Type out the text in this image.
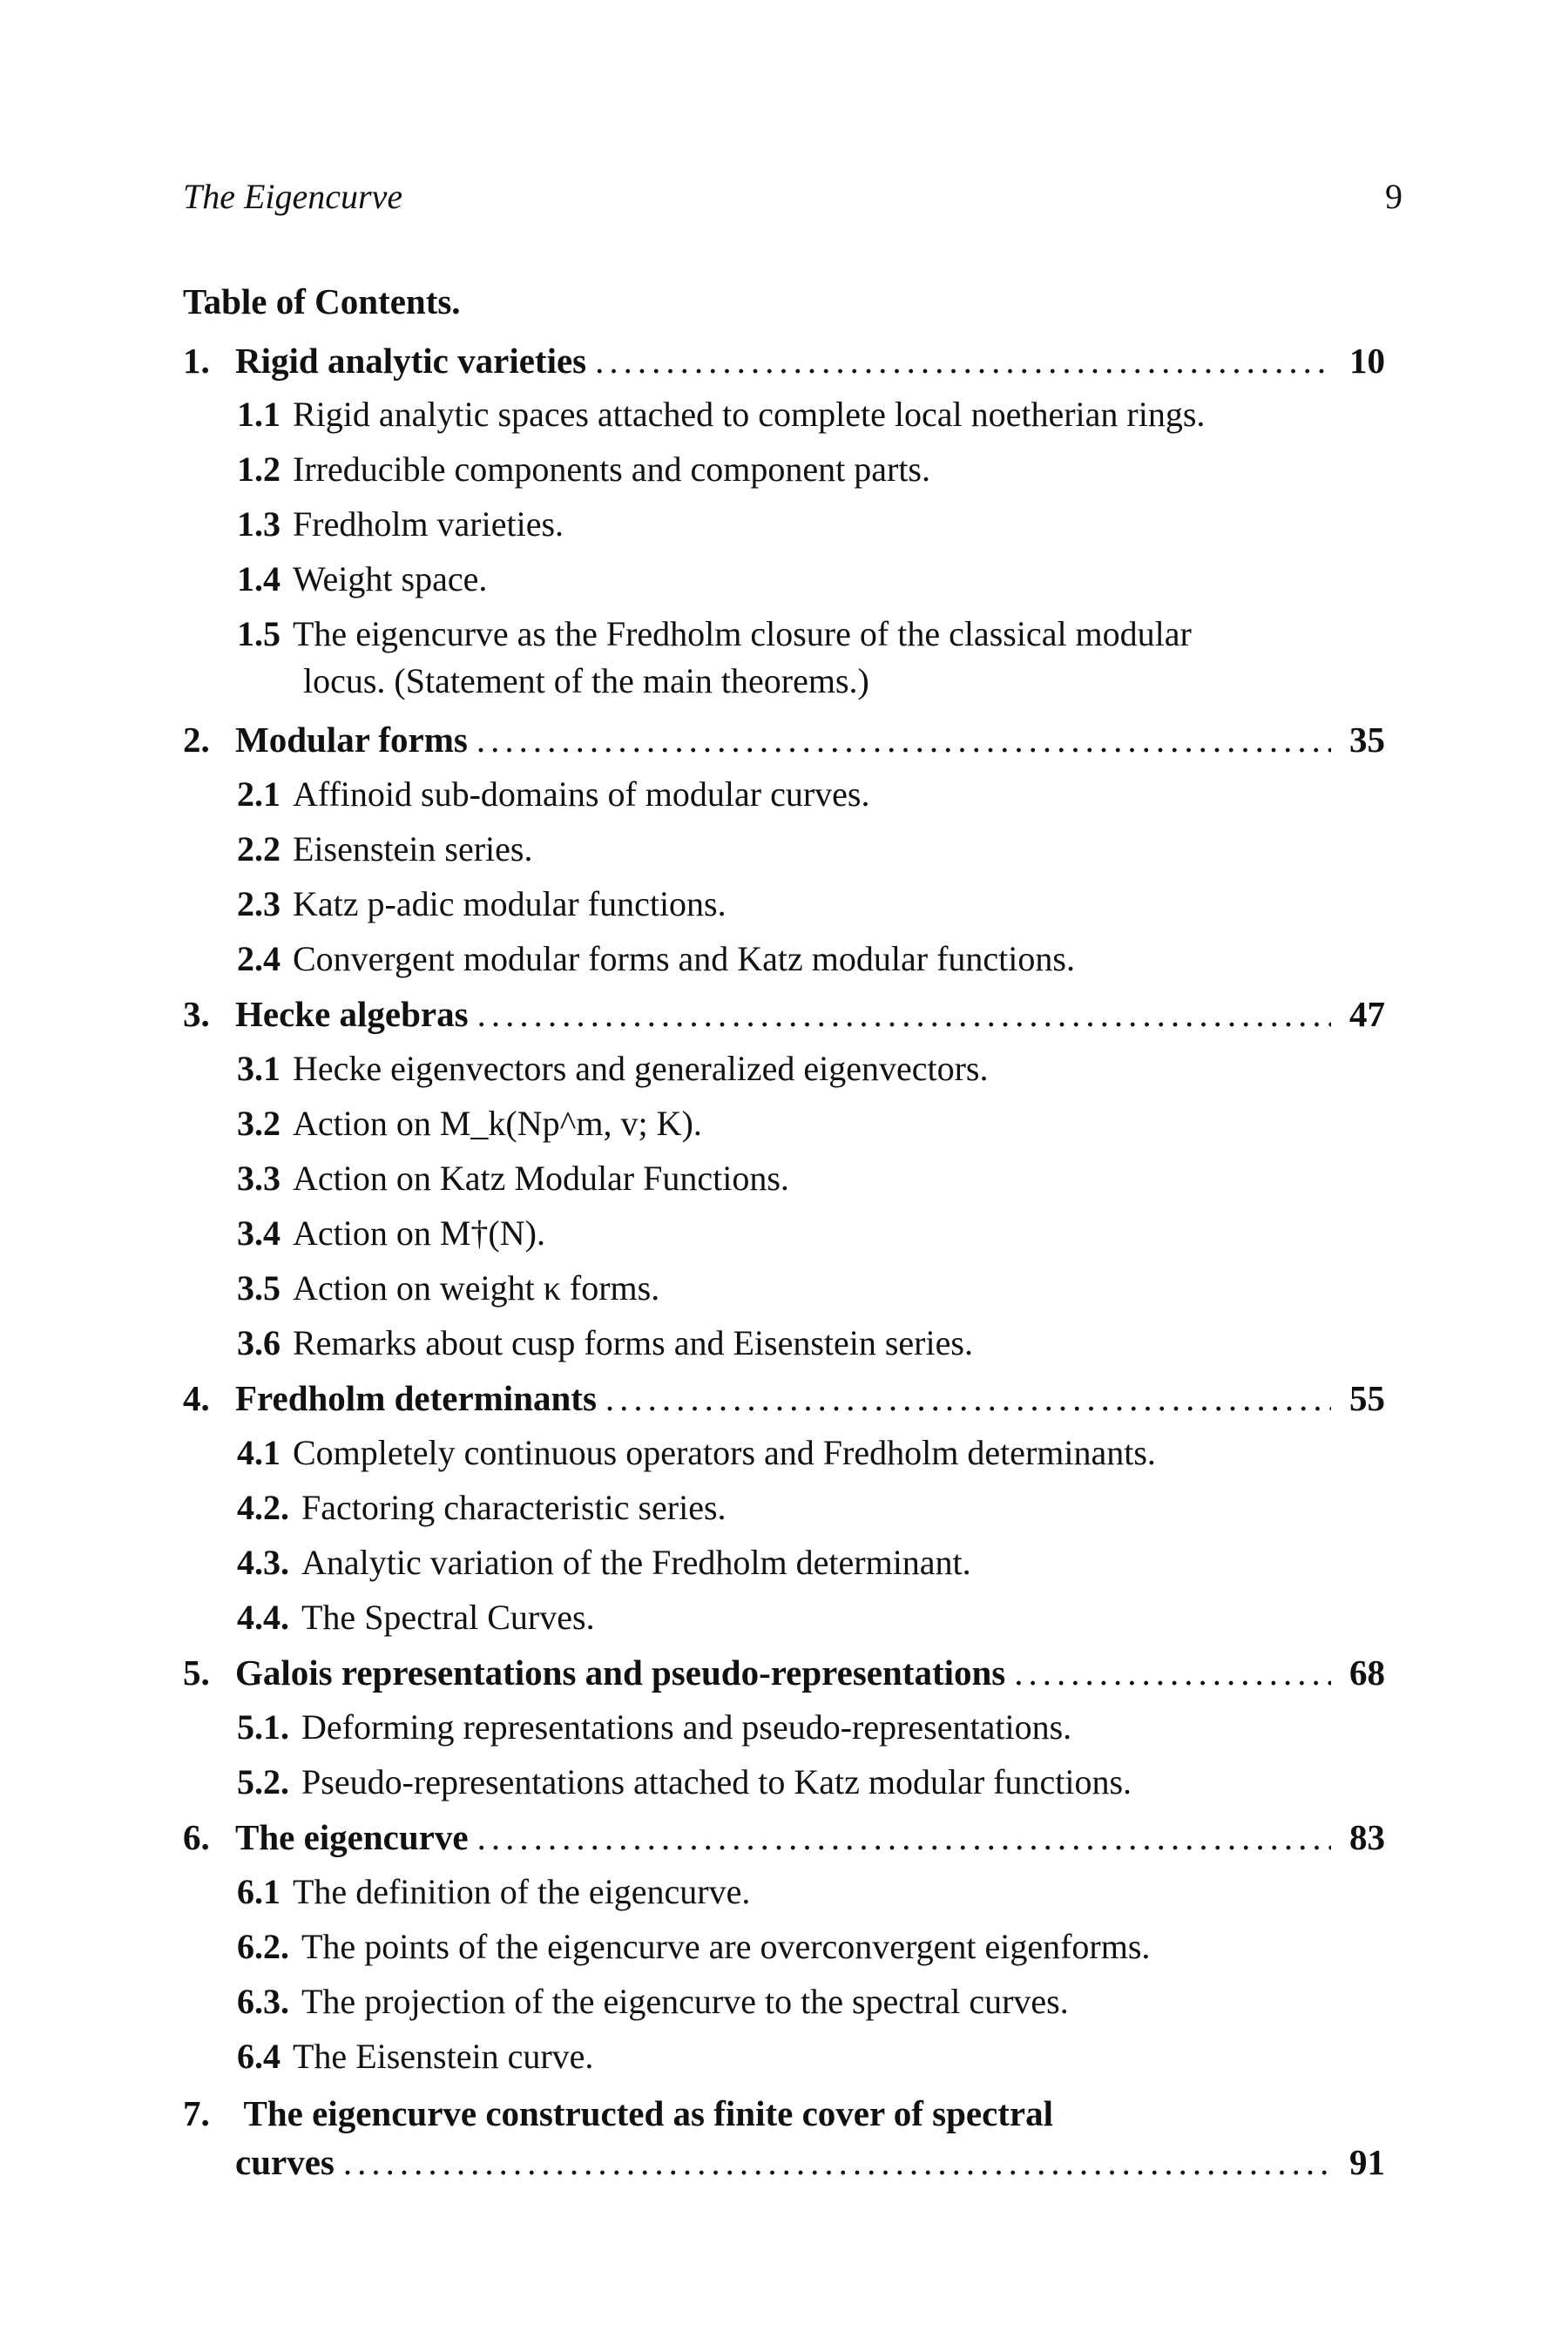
The Eigencurve	9
Table of Contents.
1. Rigid analytic varieties .....	10
1.1 Rigid analytic spaces attached to complete local noetherian rings.
1.2 Irreducible components and component parts.
1.3 Fredholm varieties.
1.4 Weight space.
1.5 The eigencurve as the Fredholm closure of the classical modular
locus. (Statement of the main theorems.)
2. Modular forms .....	35
2.1 Affinoid sub-domains of modular curves.
2.2 Eisenstein series.
2.3 Katz p-adic modular functions.
2.4 Convergent modular forms and Katz modular functions.
3. Hecke algebras .....	47
3.1 Hecke eigenvectors and generalized eigenvectors.
3.2 Action on M_k(Np^m, v; K).
3.3 Action on Katz Modular Functions.
3.4 Action on M†(N).
3.5 Action on weight κ forms.
3.6 Remarks about cusp forms and Eisenstein series.
4. Fredholm determinants .....	55
4.1 Completely continuous operators and Fredholm determinants.
4.2. Factoring characteristic series.
4.3. Analytic variation of the Fredholm determinant.
4.4. The Spectral Curves.
5. Galois representations and pseudo-representations .....	68
5.1. Deforming representations and pseudo-representations.
5.2. Pseudo-representations attached to Katz modular functions.
6. The eigencurve .....	83
6.1 The definition of the eigencurve.
6.2. The points of the eigencurve are overconvergent eigenforms.
6.3. The projection of the eigencurve to the spectral curves.
6.4 The Eisenstein curve.
7. The eigencurve constructed as finite cover of spectral
curves .....	91
